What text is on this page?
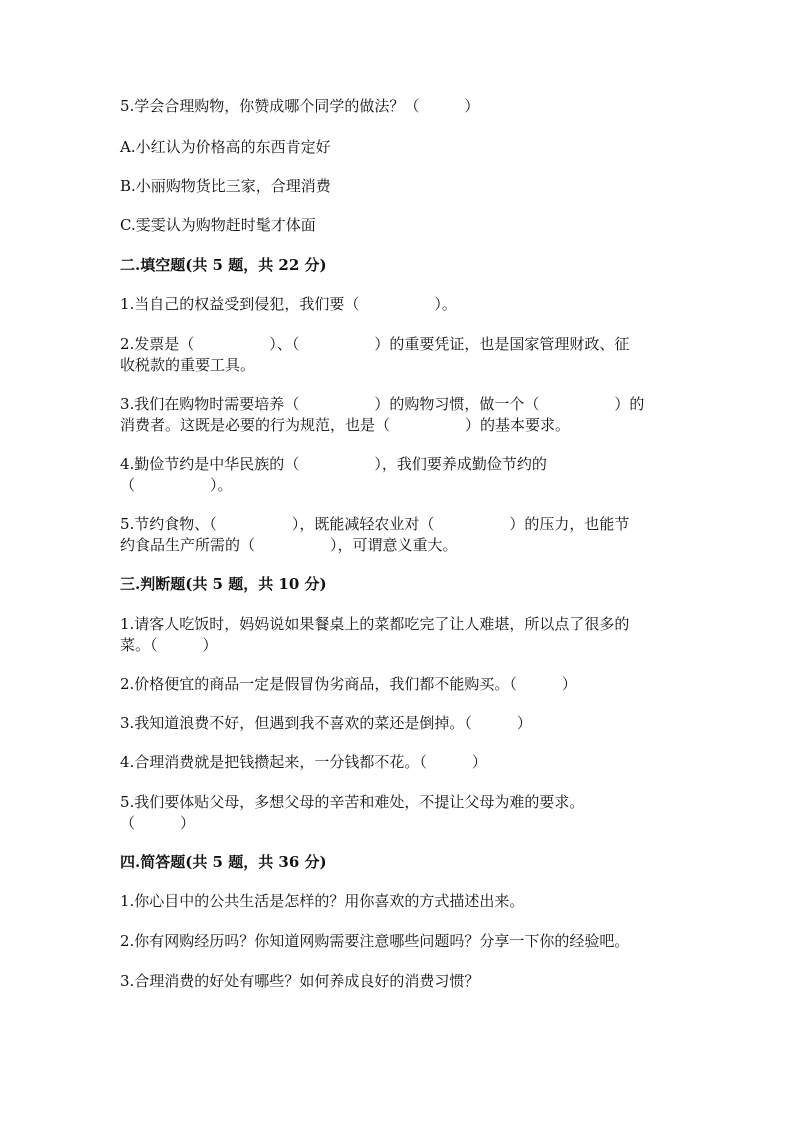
5.学会合理购物，你赞成哪个同学的做法？（　　　）

A.小红认为价格高的东西肯定好

B.小丽购物货比三家，合理消费

C.雯雯认为购物赶时髦才体面

二.填空题(共 5 题，共 22 分)

1.当自己的权益受到侵犯，我们要（　　　　　）。

2.发票是（　　　　　）、（　　　　　）的重要凭证，也是国家管理财政、征

收税款的重要工具。

3.我们在购物时需要培养（　　　　　）的购物习惯，做一个（　　　　　）的

消费者。这既是必要的行为规范，也是（　　　　　）的基本要求。

4.勤俭节约是中华民族的（　　　　　），我们要养成勤俭节约的

（　　　　　）。

5.节约食物、（　　　　　），既能减轻农业对（　　　　　）的压力，也能节

约食品生产所需的（　　　　　），可谓意义重大。

三.判断题(共 5 题，共 10 分)

1.请客人吃饭时，妈妈说如果餐桌上的菜都吃完了让人难堪，所以点了很多的

菜。（　　　）

2.价格便宜的商品一定是假冒伪劣商品，我们都不能购买。（　　　）

3.我知道浪费不好，但遇到我不喜欢的菜还是倒掉。（　　　）

4.合理消费就是把钱攒起来，一分钱都不花。（　　　）

5.我们要体贴父母，多想父母的辛苦和难处，不提让父母为难的要求。

（　　　）

四.简答题(共 5 题，共 36 分)

1.你心目中的公共生活是怎样的？用你喜欢的方式描述出来。

2.你有网购经历吗？你知道网购需要注意哪些问题吗？分享一下你的经验吧。

3.合理消费的好处有哪些？如何养成良好的消费习惯？
